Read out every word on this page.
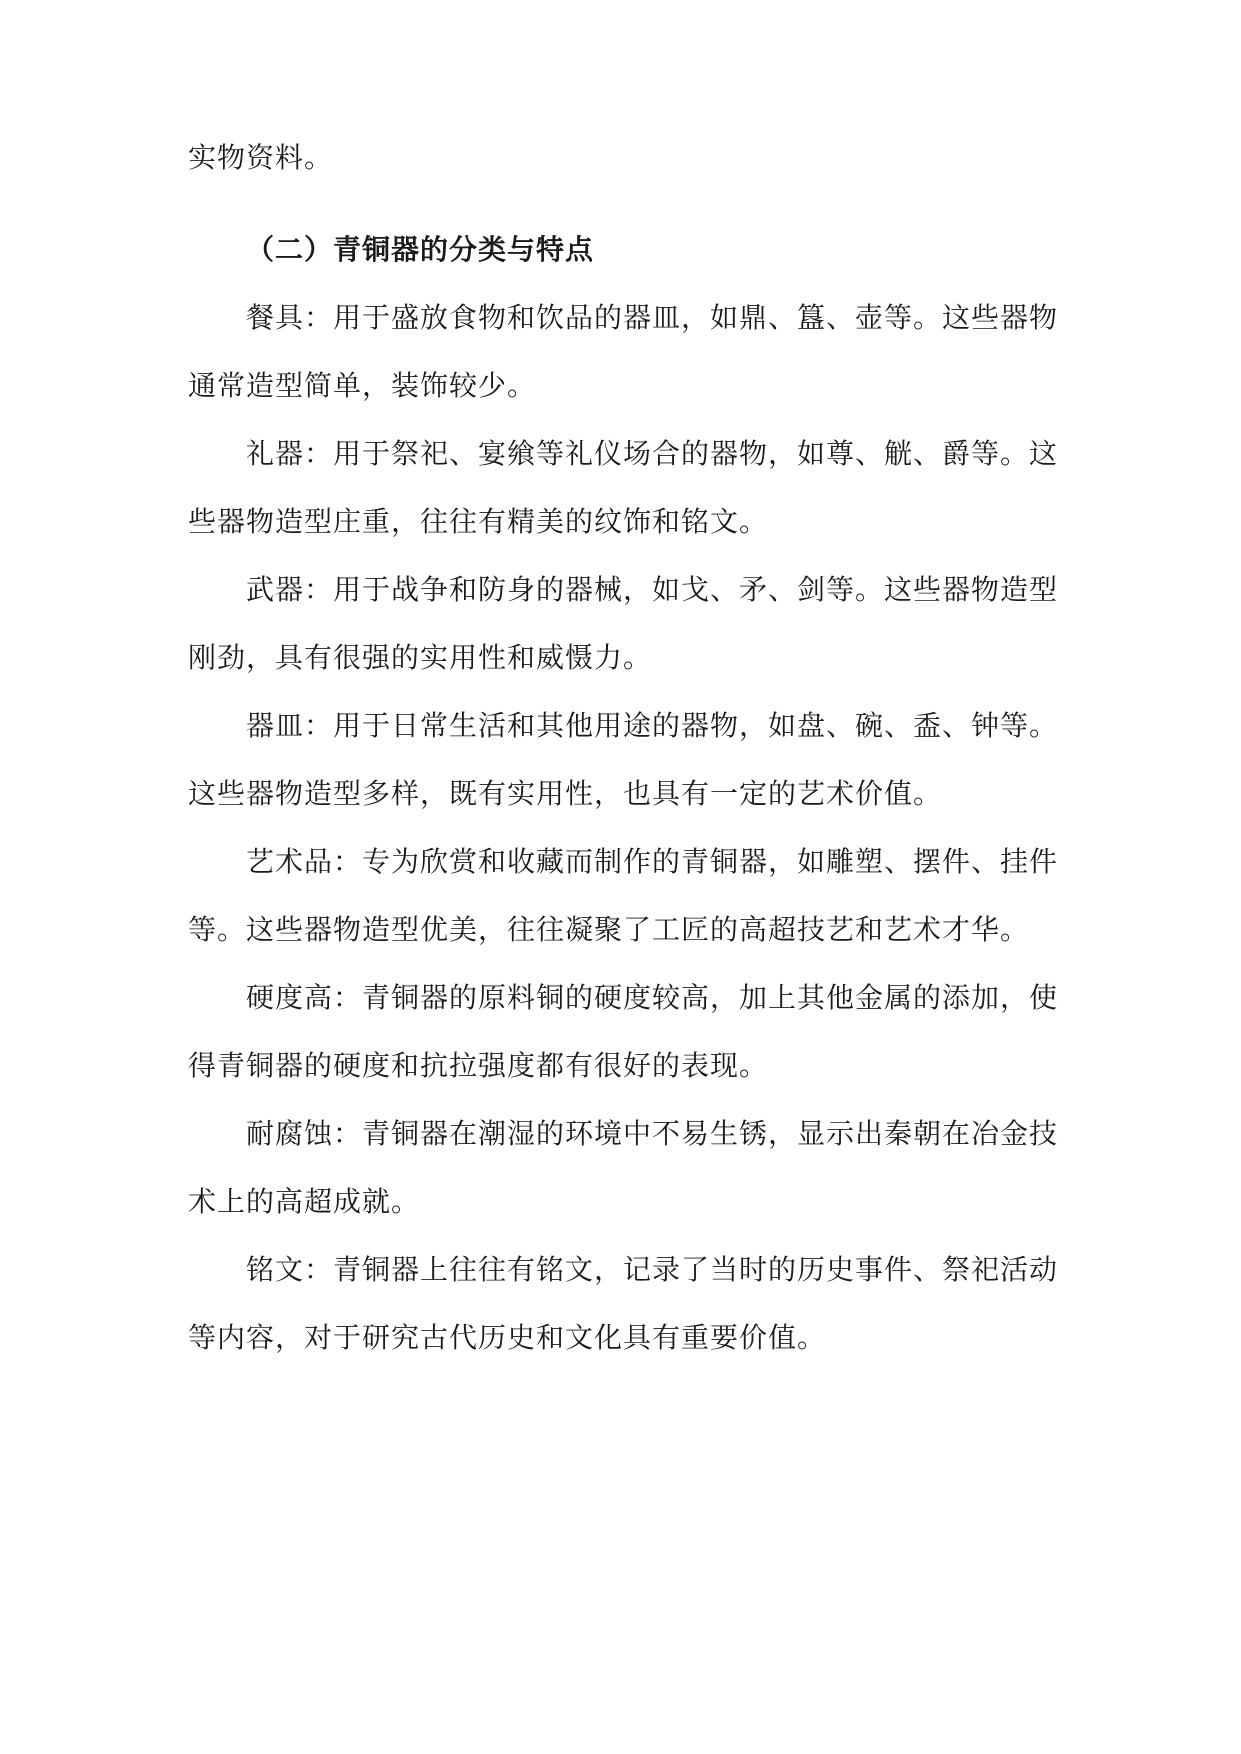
实物资料。
（二）青铜器的分类与特点
餐具：用于盛放食物和饮品的器皿，如鼎、簋、壶等。这些器物
通常造型简单，装饰较少。
礼器：用于祭祀、宴飨等礼仪场合的器物，如尊、觥、爵等。这
些器物造型庄重，往往有精美的纹饰和铭文。
武器：用于战争和防身的器械，如戈、矛、剑等。这些器物造型
刚劲，具有很强的实用性和威慑力。
器皿：用于日常生活和其他用途的器物，如盘、碗、盉、钟等。
这些器物造型多样，既有实用性，也具有一定的艺术价值。
艺术品：专为欣赏和收藏而制作的青铜器，如雕塑、摆件、挂件
等。这些器物造型优美，往往凝聚了工匠的高超技艺和艺术才华。
硬度高：青铜器的原料铜的硬度较高，加上其他金属的添加，使
得青铜器的硬度和抗拉强度都有很好的表现。
耐腐蚀：青铜器在潮湿的环境中不易生锈，显示出秦朝在冶金技
术上的高超成就。
铭文：青铜器上往往有铭文，记录了当时的历史事件、祭祀活动
等内容，对于研究古代历史和文化具有重要价值。
